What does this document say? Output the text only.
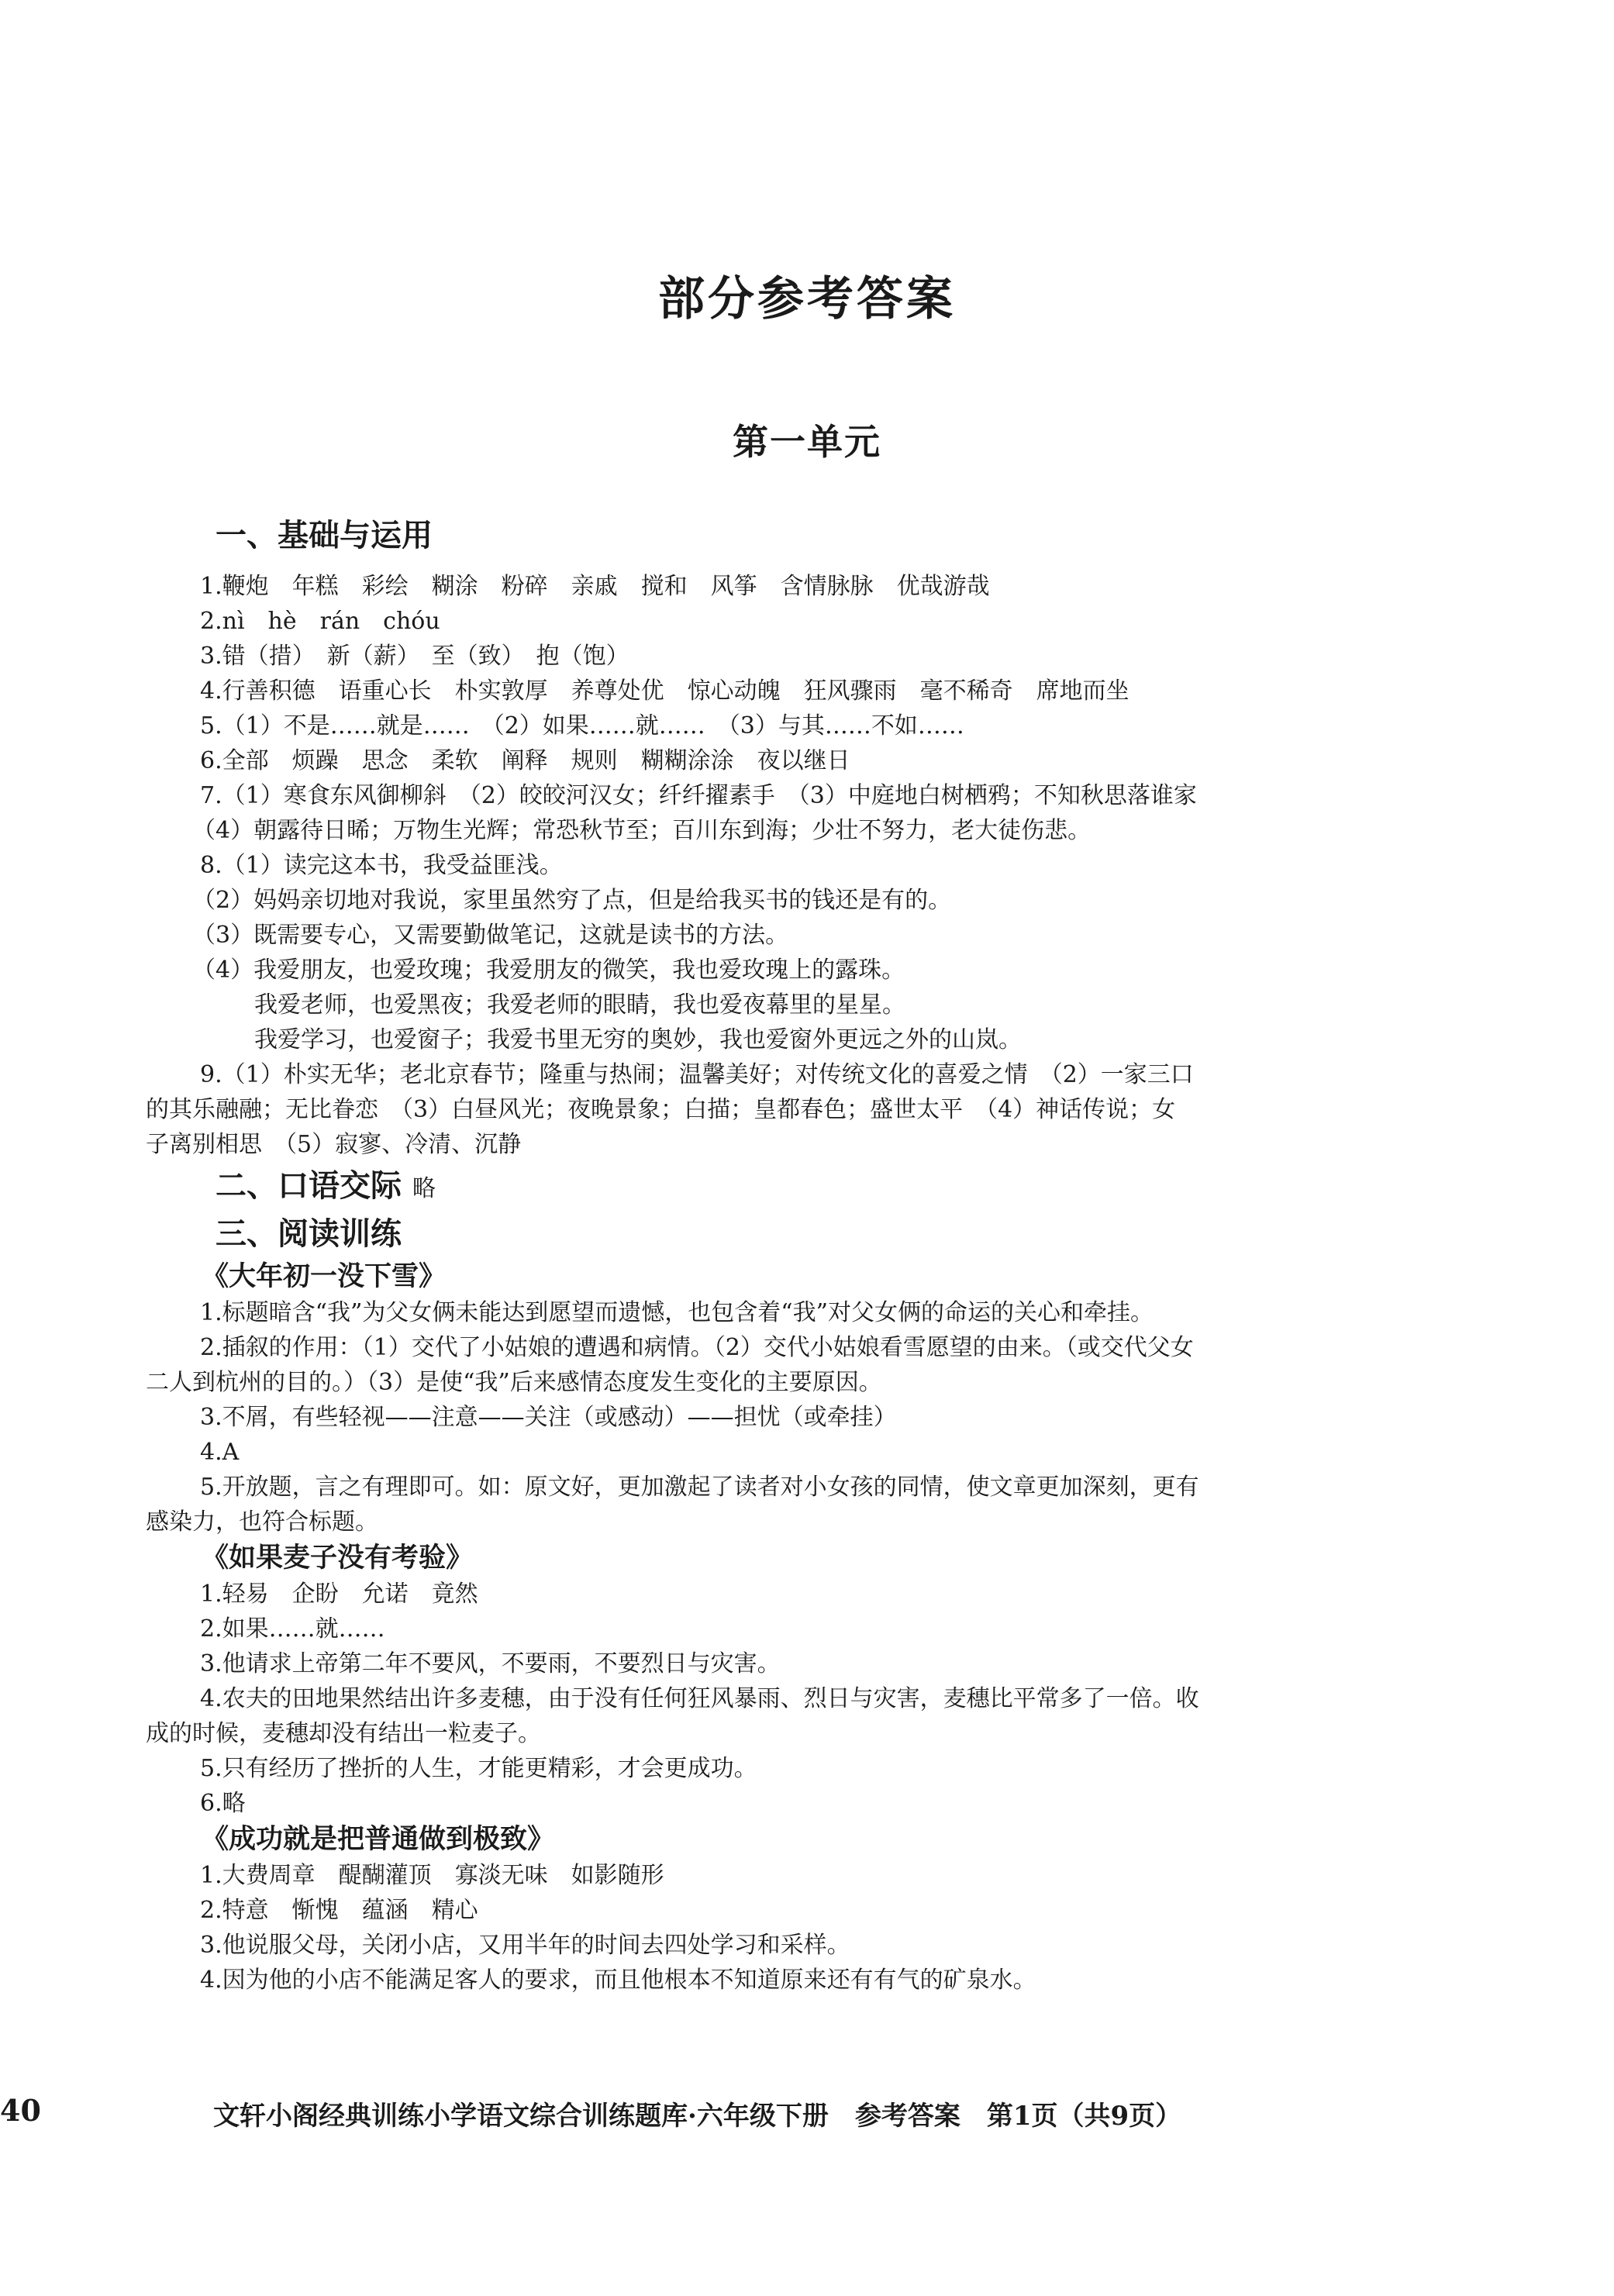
部分参考答案
第一单元
一、基础与运用
1.鞭炮　年糕　彩绘　糊涂　粉碎　亲戚　搅和　风筝　含情脉脉　优哉游哉
2.nì　hè　rán　chóu
3.错（措）　新（薪）　至（致）　抱（饱）
4.行善积德　语重心长　朴实敦厚　养尊处优　惊心动魄　狂风骤雨　毫不稀奇　席地而坐
5.（1）不是……就是……　（2）如果……就……　（3）与其……不如……
6.全部　烦躁　思念　柔软　阐释　规则　糊糊涂涂　夜以继日
7.（1）寒食东风御柳斜　（2）皎皎河汉女；纤纤擢素手　（3）中庭地白树栖鸦；不知秋思落谁家
（4）朝露待日晞；万物生光辉；常恐秋节至；百川东到海；少壮不努力，老大徒伤悲。
8.（1）读完这本书，我受益匪浅。
（2）妈妈亲切地对我说，家里虽然穷了点，但是给我买书的钱还是有的。
（3）既需要专心，又需要勤做笔记，这就是读书的方法。
（4）我爱朋友，也爱玫瑰；我爱朋友的微笑，我也爱玫瑰上的露珠。
我爱老师，也爱黑夜；我爱老师的眼睛，我也爱夜幕里的星星。
我爱学习，也爱窗子；我爱书里无穷的奥妙，我也爱窗外更远之外的山岚。
9.（1）朴实无华；老北京春节；隆重与热闹；温馨美好；对传统文化的喜爱之情　（2）一家三口
的其乐融融；无比眷恋　（3）白昼风光；夜晚景象；白描；皇都春色；盛世太平　（4）神话传说；女
子离别相思　（5）寂寥、冷清、沉静
二、口语交际 略
三、阅读训练
《大年初一没下雪》
1.标题暗含“我”为父女俩未能达到愿望而遗憾，也包含着“我”对父女俩的命运的关心和牵挂。
2.插叙的作用：（1）交代了小姑娘的遭遇和病情。（2）交代小姑娘看雪愿望的由来。（或交代父女
二人到杭州的目的。）（3）是使“我”后来感情态度发生变化的主要原因。
3.不屑，有些轻视——注意——关注（或感动）——担忧（或牵挂）
4.A
5.开放题，言之有理即可。如：原文好，更加激起了读者对小女孩的同情，使文章更加深刻，更有
感染力，也符合标题。
《如果麦子没有考验》
1.轻易　企盼　允诺　竟然
2.如果……就……
3.他请求上帝第二年不要风，不要雨，不要烈日与灾害。
4.农夫的田地果然结出许多麦穗，由于没有任何狂风暴雨、烈日与灾害，麦穗比平常多了一倍。收
成的时候，麦穗却没有结出一粒麦子。
5.只有经历了挫折的人生，才能更精彩，才会更成功。
6.略
《成功就是把普通做到极致》
1.大费周章　醍醐灌顶　寡淡无味　如影随形
2.特意　惭愧　蕴涵　精心
3.他说服父母，关闭小店，又用半年的时间去四处学习和采样。
4.因为他的小店不能满足客人的要求，而且他根本不知道原来还有有气的矿泉水。
40	文轩小阁经典训练小学语文综合训练题库·六年级下册　参考答案　第1页（共9页）
